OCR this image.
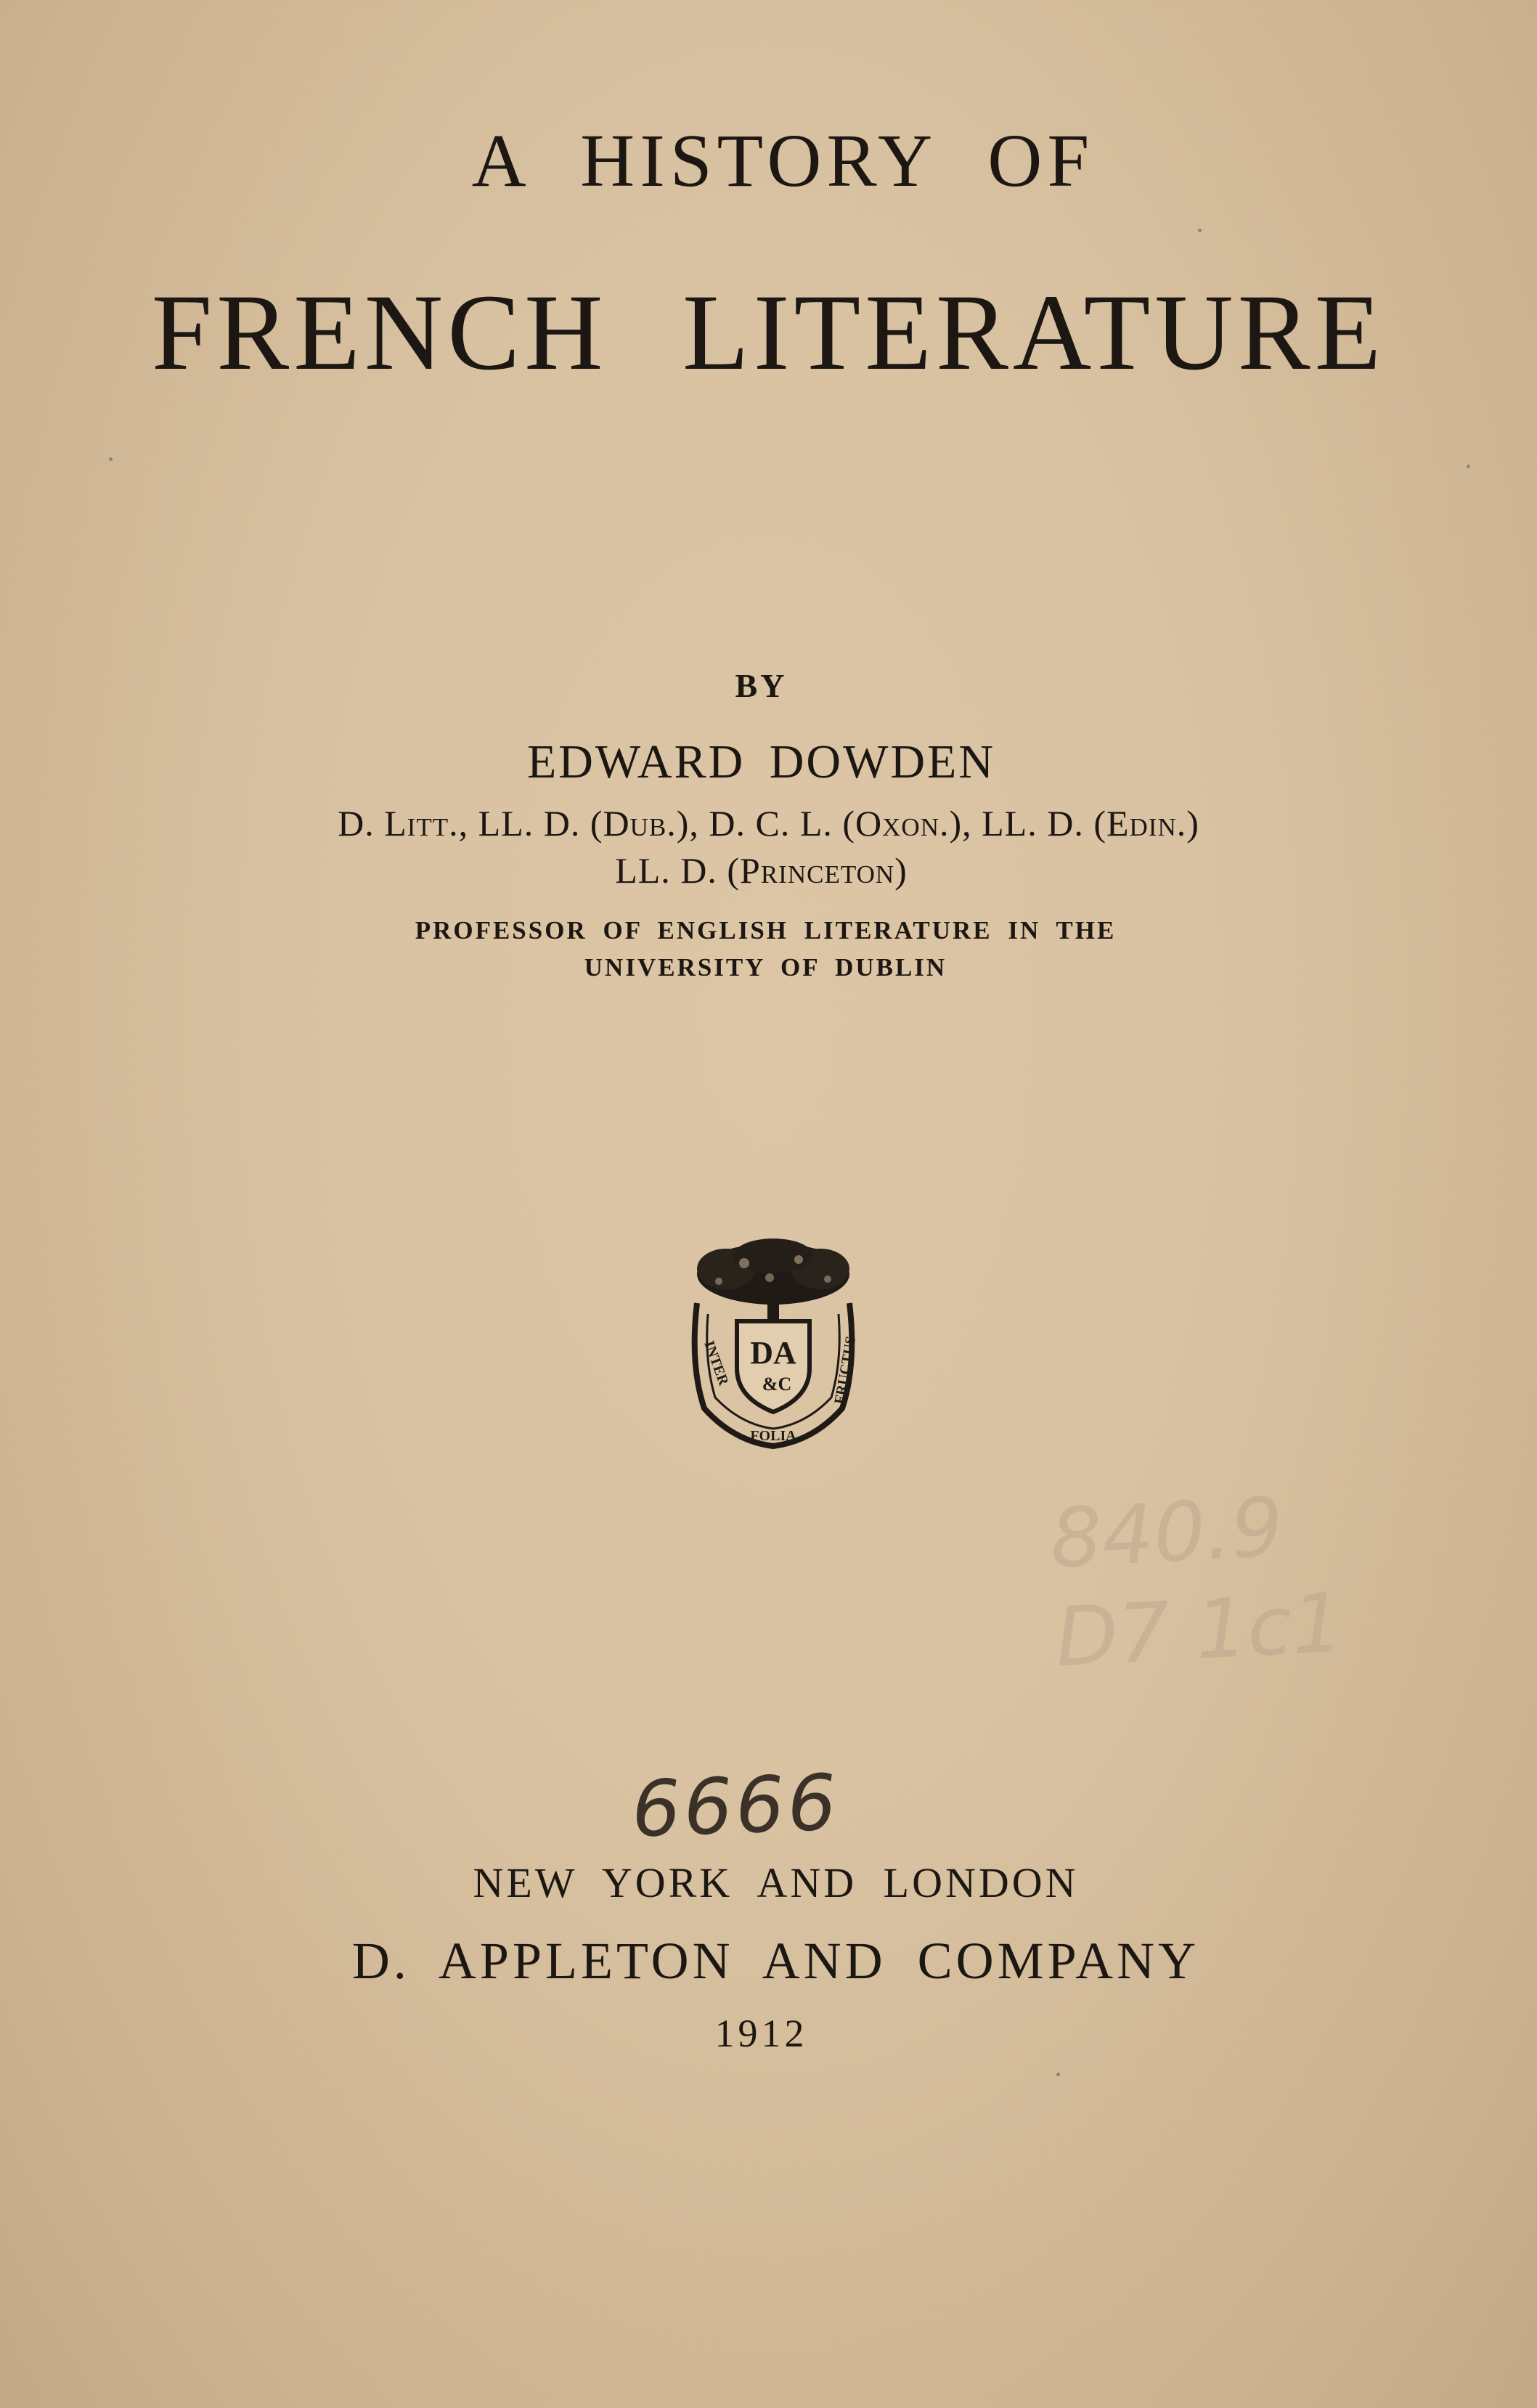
A HISTORY OF
FRENCH LITERATURE
BY
EDWARD DOWDEN
D. Litt., LL. D. (Dub.), D. C. L. (Oxon.), LL. D. (Edin.)
LL. D. (Princeton)
PROFESSOR OF ENGLISH LITERATURE IN THE
UNIVERSITY OF DUBLIN
DA
&C
INTER
FOLIA
FRUCTUS
840.9
D7 1c1
6666
NEW YORK AND LONDON
D. APPLETON AND COMPANY
1912
